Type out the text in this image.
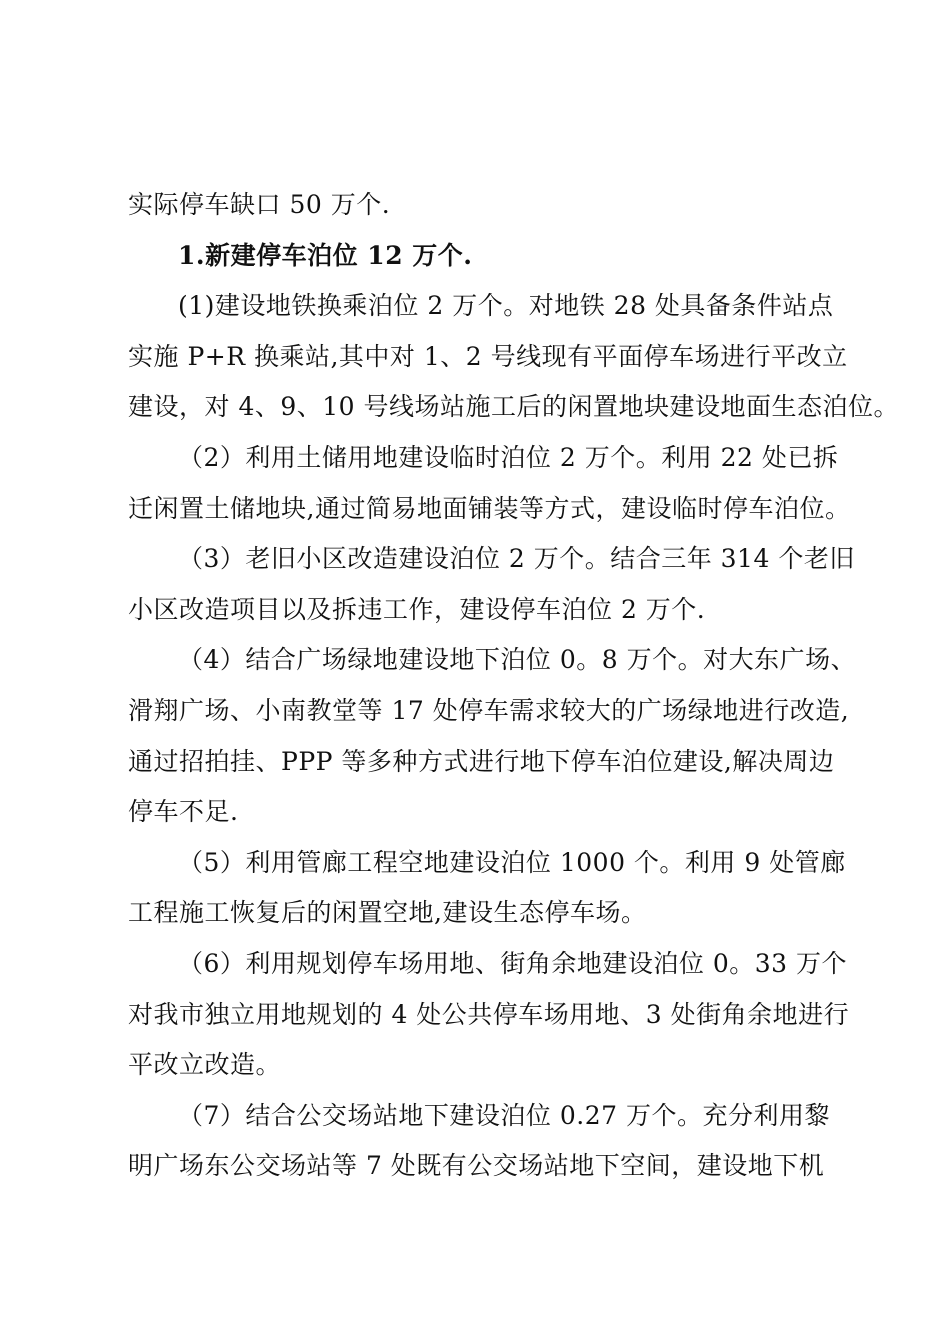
实际停车缺口 50 万个.
1.新建停车泊位 12 万个.
(1)建设地铁换乘泊位 2 万个。对地铁 28 处具备条件站点
实施 P+R 换乘站,其中对 1、2 号线现有平面停车场进行平改立
建设，对 4、9、10 号线场站施工后的闲置地块建设地面生态泊位。
（2）利用土储用地建设临时泊位 2 万个。利用 22 处已拆
迁闲置土储地块,通过简易地面铺装等方式，建设临时停车泊位。
（3）老旧小区改造建设泊位 2 万个。结合三年 314 个老旧
小区改造项目以及拆违工作，建设停车泊位 2 万个.
（4）结合广场绿地建设地下泊位 0。8 万个。对大东广场、
滑翔广场、小南教堂等 17 处停车需求较大的广场绿地进行改造,
通过招拍挂、PPP 等多种方式进行地下停车泊位建设,解决周边
停车不足.
（5）利用管廊工程空地建设泊位 1000 个。利用 9 处管廊
工程施工恢复后的闲置空地,建设生态停车场。
（6）利用规划停车场用地、街角余地建设泊位 0。33 万个
对我市独立用地规划的 4 处公共停车场用地、3 处街角余地进行
平改立改造。
（7）结合公交场站地下建设泊位 0.27 万个。充分利用黎
明广场东公交场站等 7 处既有公交场站地下空间，建设地下机
